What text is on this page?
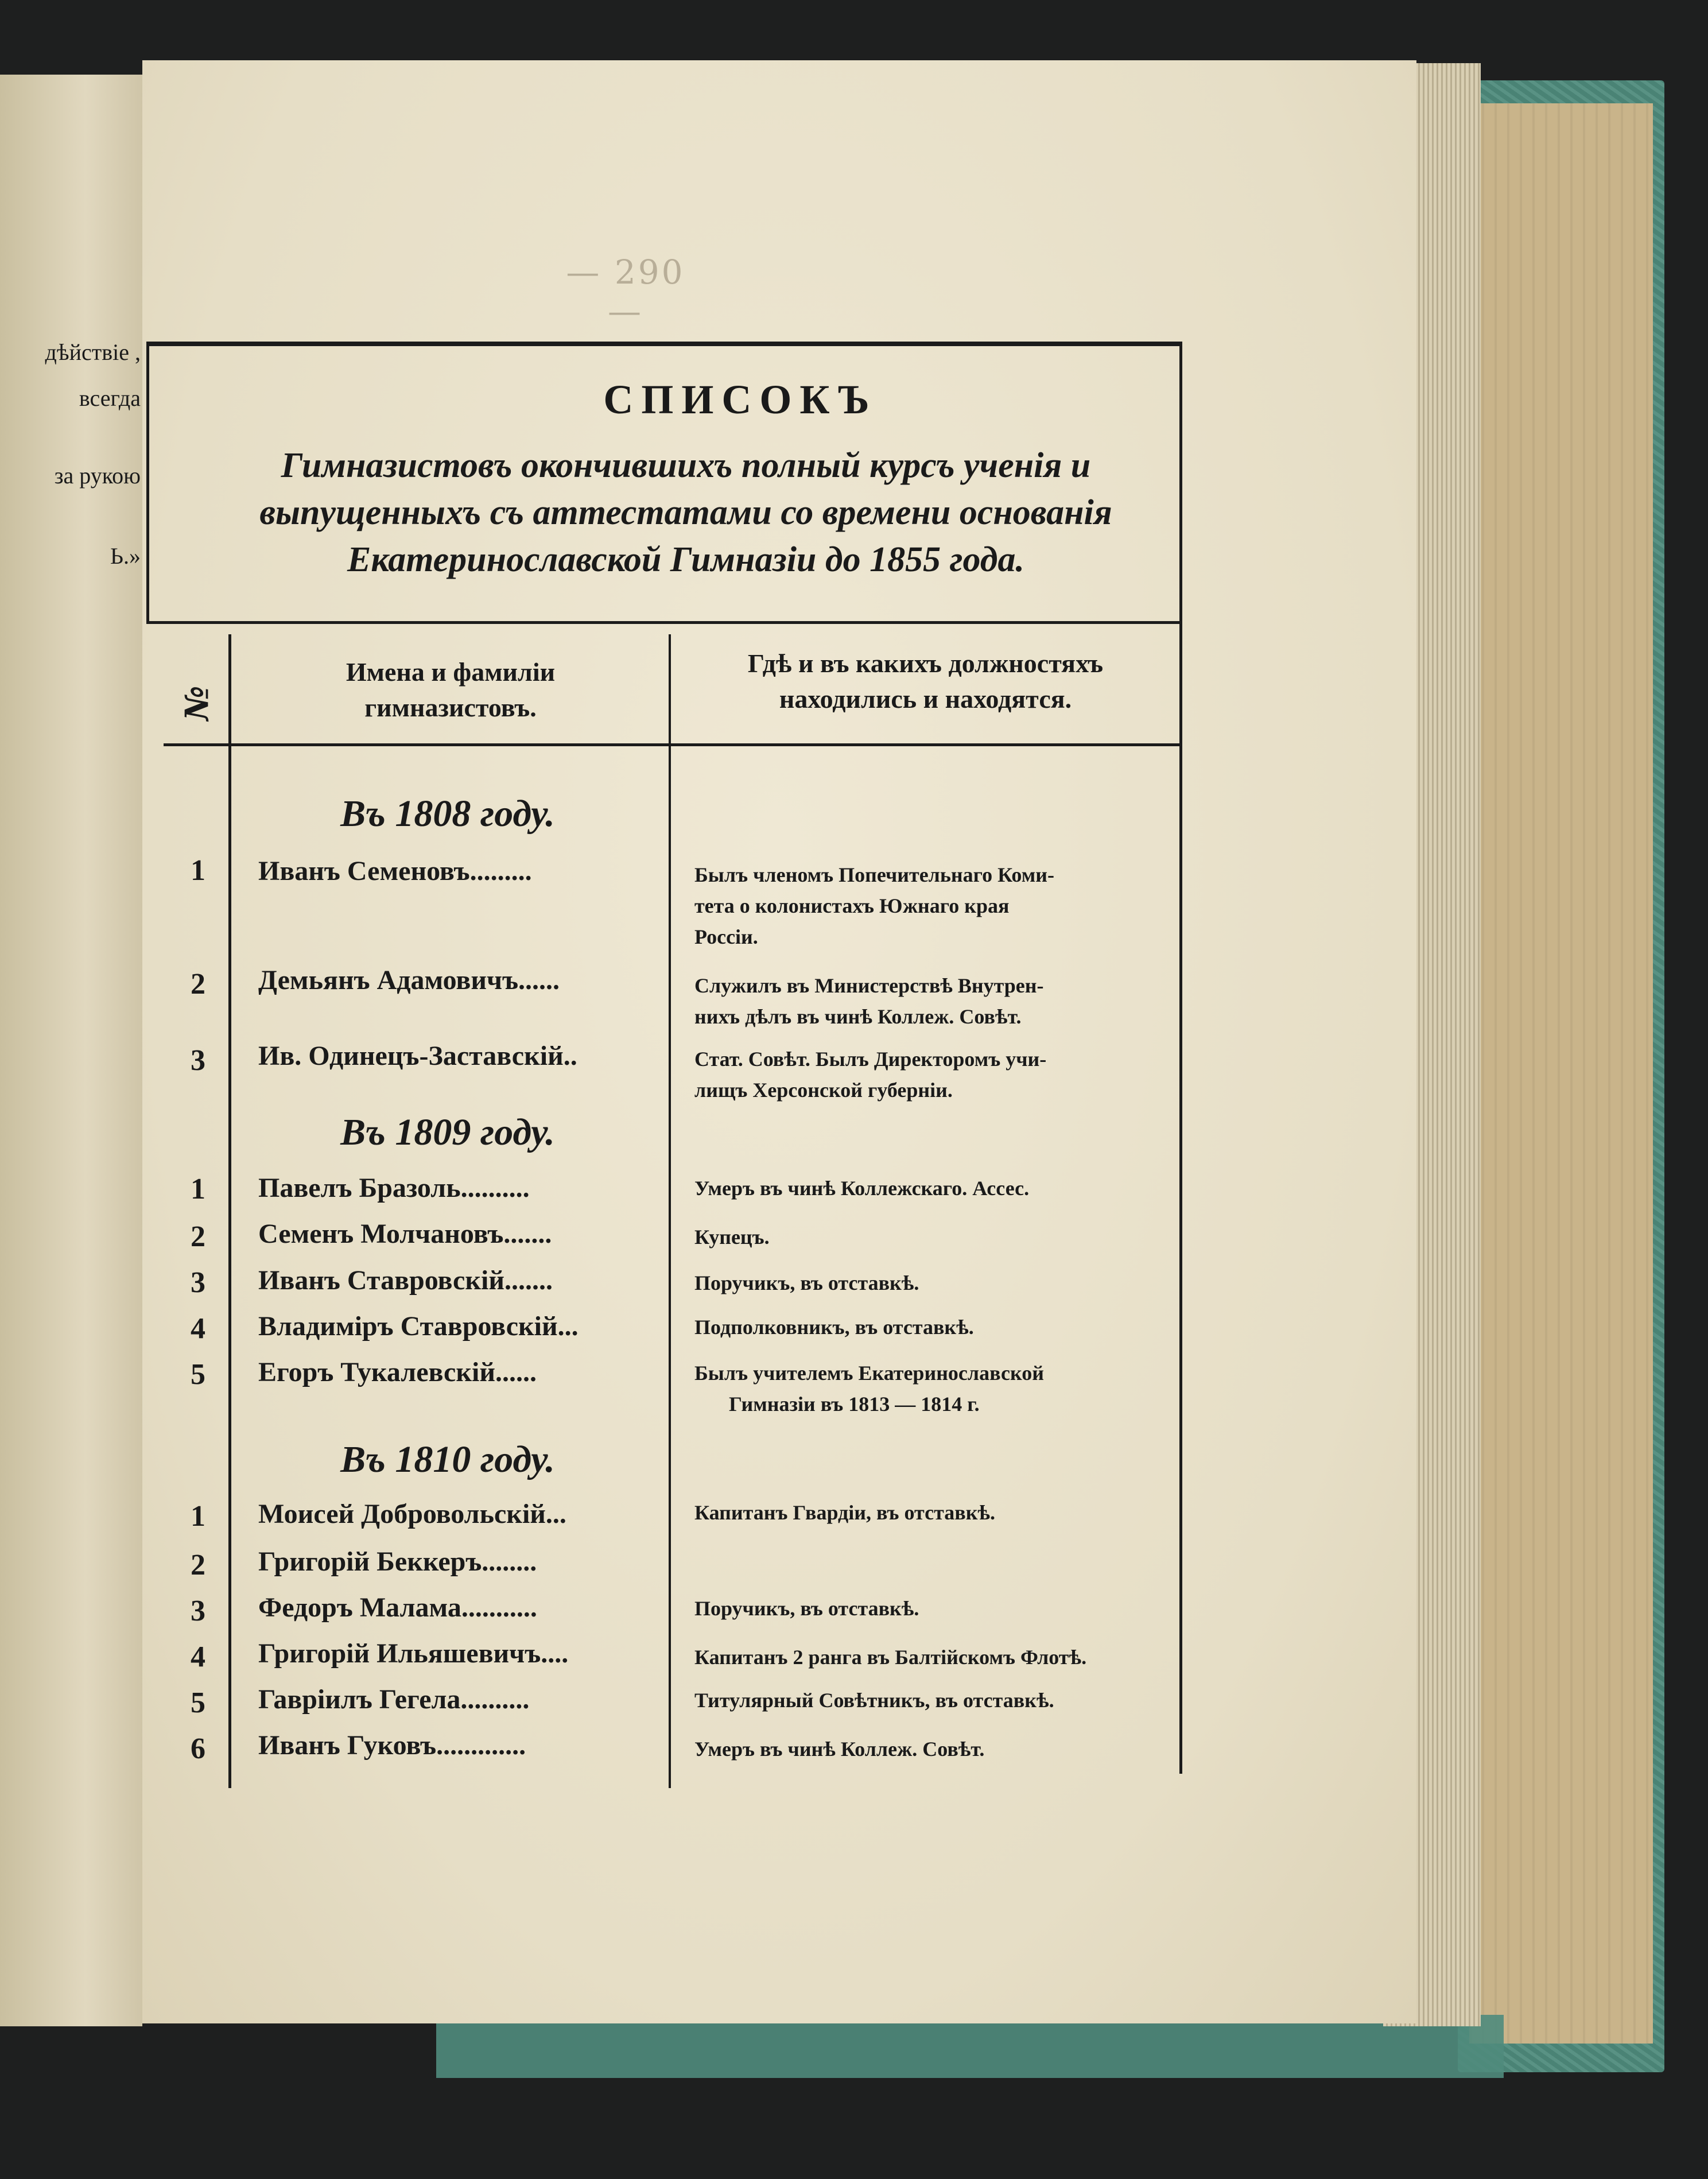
дѣйствіе ,
всегда
за рукою
Ь.»
— 290 —
СПИСОКЪ
Гимназистовъ окончившихъ полный курсъ ученія и
выпущенныхъ съ аттестатами со времени основанія
Екатеринославской Гимназіи до 1855 года.
№
Имена и фамиліи
гимназистовъ.
Гдѣ и въ какихъ должностяхъ
находились и находятся.
Въ 1808 году.
1	Иванъ Семеновъ.........	Былъ членомъ Попечительнаго Коми-
тета о колонистахъ Южнаго края
Россіи.
2	Демьянъ Адамовичъ......	Служилъ въ Министерствѣ Внутрен-
нихъ дѣлъ въ чинѣ Коллеж. Совѣт.
3	Ив. Одинецъ-Заставскій..	Стат. Совѣт. Былъ Директоромъ учи-
лищъ Херсонской губерніи.
Въ 1809 году.
1	Павелъ Бразоль..........	Умеръ въ чинѣ Коллежскаго. Ассес.
2	Семенъ Молчановъ.......	Купецъ.
3	Иванъ Ставровскій.......	Поручикъ, въ отставкѣ.
4	Владиміръ Ставровскій...	Подполковникъ, въ отставкѣ.
5	Егоръ Тукалевскій......	Былъ учителемъ Екатеринославской
Гимназіи въ 1813 — 1814 г.
Въ 1810 году.
1	Моисей Добровольскій...	Капитанъ Гвардіи, въ отставкѣ.
2	Григорій Беккеръ........
3	Федоръ Малама...........	Поручикъ, въ отставкѣ.
4	Григорій Ильяшевичъ....	Капитанъ 2 ранга въ Балтійскомъ Флотѣ.
5	Гавріилъ Гегела..........	Титулярный Совѣтникъ, въ отставкѣ.
6	Иванъ Гуковъ.............	Умеръ въ чинѣ Коллеж. Совѣт.
